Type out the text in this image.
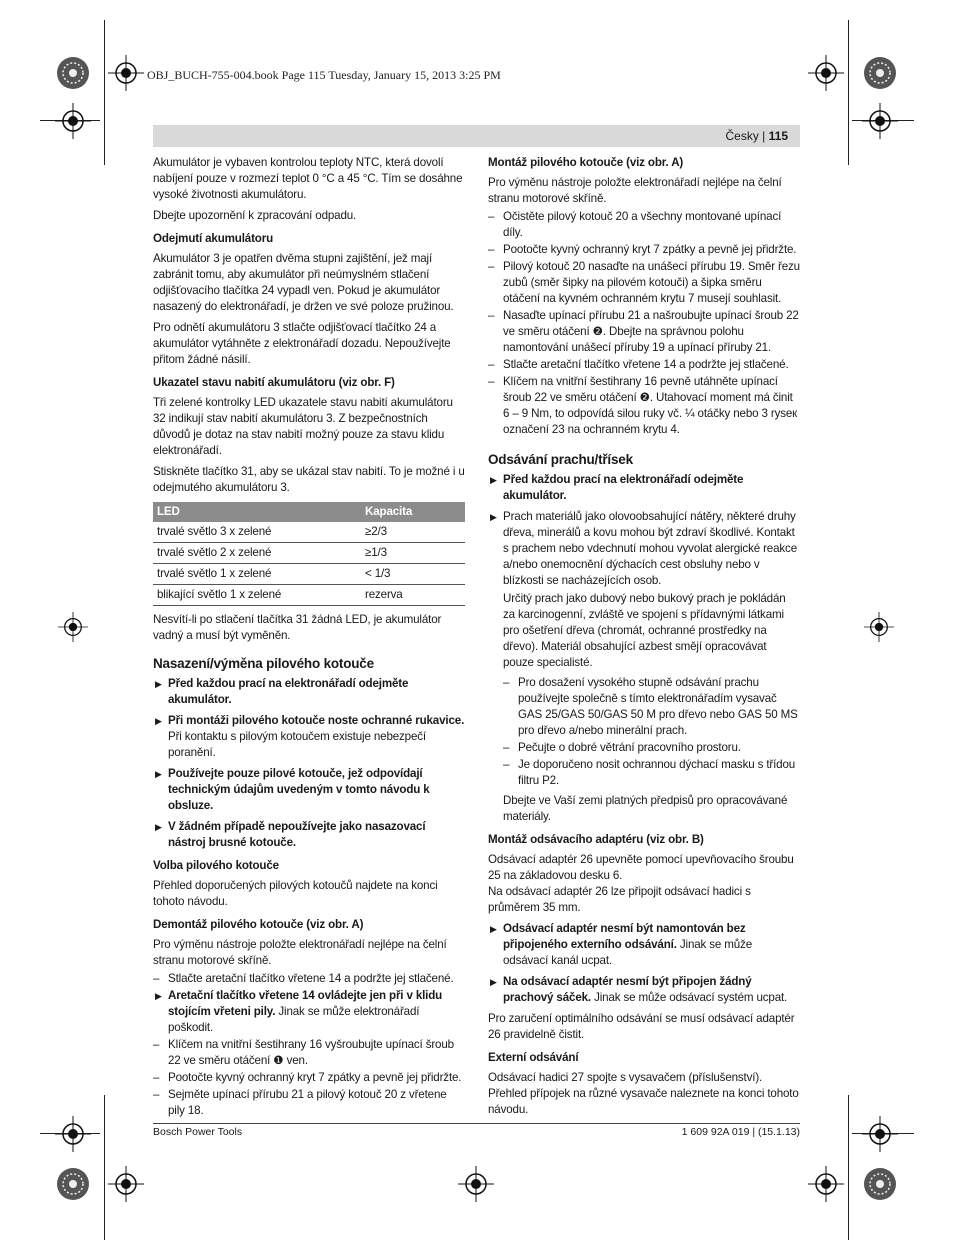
OBJ_BUCH-755-004.book Page 115 Tuesday, January 15, 2013 3:25 PM
Česky | 115

Akumulátor je vybaven kontrolou teploty NTC, která dovolí nabíjení pouze v rozmezí teplot 0 °C a 45 °C. Tím se dosáhne vysoké životnosti akumulátoru.

Dbejte upozornění k zpracování odpadu.

Odejmutí akumulátoru

Akumulátor 3 je opatřen dvěma stupni zajištění, jež mají zabránit tomu, aby akumulátor při neúmyslném stlačení odjišťovacího tlačítka 24 vypadl ven. Pokud je akumulátor nasazený do elektronářadí, je držen ve své poloze pružinou.

Pro odnětí akumulátoru 3 stlačte odjišťovací tlačítko 24 a akumulátor vytáhněte z elektronářadí dozadu. Nepoužívejte přitom žádné násilí.

Ukazatel stavu nabití akumulátoru (viz obr. F)

Tři zelené kontrolky LED ukazatele stavu nabití akumulátoru 32 indikují stav nabití akumulátoru 3. Z bezpečnostních důvodů je dotaz na stav nabití možný pouze za stavu klidu elektronářadí.

Stiskněte tlačítko 31, aby se ukázal stav nabití. To je možné i u odejmutého akumulátoru 3.

LED	Kapacita
trvalé světlo 3 x zelené	≥2/3
trvalé světlo 2 x zelené	≥1/3
trvalé světlo 1 x zelené	< 1/3
blikající světlo 1 x zelené	rezerva

Nesvítí-li po stlačení tlačítka 31 žádná LED, je akumulátor vadný a musí být vyměněn.

Nasazení/výměna pilového kotouče
▶ Před každou prací na elektronářadí odejměte akumulátor.
▶ Při montáži pilového kotouče noste ochranné rukavice. Při kontaktu s pilovým kotoučem existuje nebezpečí poranění.
▶ Používejte pouze pilové kotouče, jež odpovídají technickým údajům uvedeným v tomto návodu k obsluze.
▶ V žádném případě nepoužívejte jako nasazovací nástroj brusné kotouče.
Volba pilového kotouče

Přehled doporučených pilových kotoučů najdete na konci tohoto návodu.

Demontáž pilového kotouče (viz obr. A)

Pro výměnu nástroje položte elektronářadí nejlépe na čelní stranu motorové skříně.

– Stlačte aretační tlačítko vřetene 14 a podržte jej stlačené.
▶ Aretační tlačítko vřetene 14 ovládejte jen při v klidu stojícím vřeteni pily. Jinak se může elektronářadí poškodit.
– Klíčem na vnitřní šestihrany 16 vyšroubujte upínací šroub 22 ve směru otáčení ❶ ven.
– Pootočte kyvný ochranný kryt 7 zpátky a pevně jej přidržte.
– Sejměte upínací přírubu 21 a pilový kotouč 20 z vřetene pily 18.
Montáž pilového kotouče (viz obr. A)

Pro výměnu nástroje položte elektronářadí nejlépe na čelní stranu motorové skříně.

– Očistěte pilový kotouč 20 a všechny montované upínací díly.
– Pootočte kyvný ochranný kryt 7 zpátky a pevně jej přidržte.
– Pilový kotouč 20 nasaďte na unášecí přírubu 19. Směr řezu zubů (směr šipky na pilovém kotouči) a šipka směru otáčení na kyvném ochranném krytu 7 musejí souhlasit.
– Nasaďte upínací přírubu 21 a našroubujte upínací šroub 22 ve směru otáčení ❷. Dbejte na správnou polohu namontování unášecí příruby 19 a upínací příruby 21.
– Stlačte aretační tlačítko vřetene 14 a podržte jej stlačené.
– Klíčem na vnitřní šestihrany 16 pevně utáhněte upínací šroub 22 ve směru otáčení ❷. Utahovací moment má činit 6 – 9 Nm, to odpovídá silou ruky vč. ¼ otáčky nebo 3 ryseк označení 23 na ochranném krytu 4.
Odsávání prachu/třísek
▶ Před každou prací na elektronářadí odejměte akumulátor.
▶ Prach materiálů jako olovoobsahující nátěry, některé druhy dřeva, minerálů a kovu mohou být zdraví škodlivé. Kontakt s prachem nebo vdechnutí mohou vyvolat alergické reakce a/nebo onemocnění dýchacích cest obsluhy nebo v blízkosti se nacházejících osob.
Určitý prach jako dubový nebo bukový prach je pokládán za karcinogenní, zvláště ve spojení s přídavnými látkami pro ošetření dřeva (chromát, ochranné prostředky na dřevo). Materiál obsahující azbest smějí opracovávat pouze specialisté.
– Pro dosažení vysokého stupně odsávání prachu používejte společně s tímto elektronářadím vysavač GAS 25/GAS 50/GAS 50 M pro dřevo nebo GAS 50 MS pro dřevo a/nebo minerální prach.
– Pečujte o dobré větrání pracovního prostoru.
– Je doporučeno nosit ochrannou dýchací masku s třídou filtru P2.
Dbejte ve Vaší zemi platných předpisů pro opracovávané materiály.
Montáž odsávacího adaptéru (viz obr. B)

Odsávací adaptér 26 upevněte pomocí upevňovacího šroubu 25 na základovou desku 6.

Na odsávací adaptér 26 lze připojit odsávací hadici s průměrem 35 mm.

▶ Odsávací adaptér nesmí být namontován bez připojeného externího odsávání. Jinak se může odsávací kanál ucpat.
▶ Na odsávací adaptér nesmí být připojen žádný prachový sáček. Jinak se může odsávací systém ucpat.

Pro zaručení optimálního odsávání se musí odsávací adaptér 26 pravidelně čistit.

Externí odsávání

Odsávací hadici 27 spojte s vysavačem (příslušenství). Přehled přípojek na různé vysavače naleznete na konci tohoto návodu.

Bosch Power Tools	1 609 92A 019 | (15.1.13)
